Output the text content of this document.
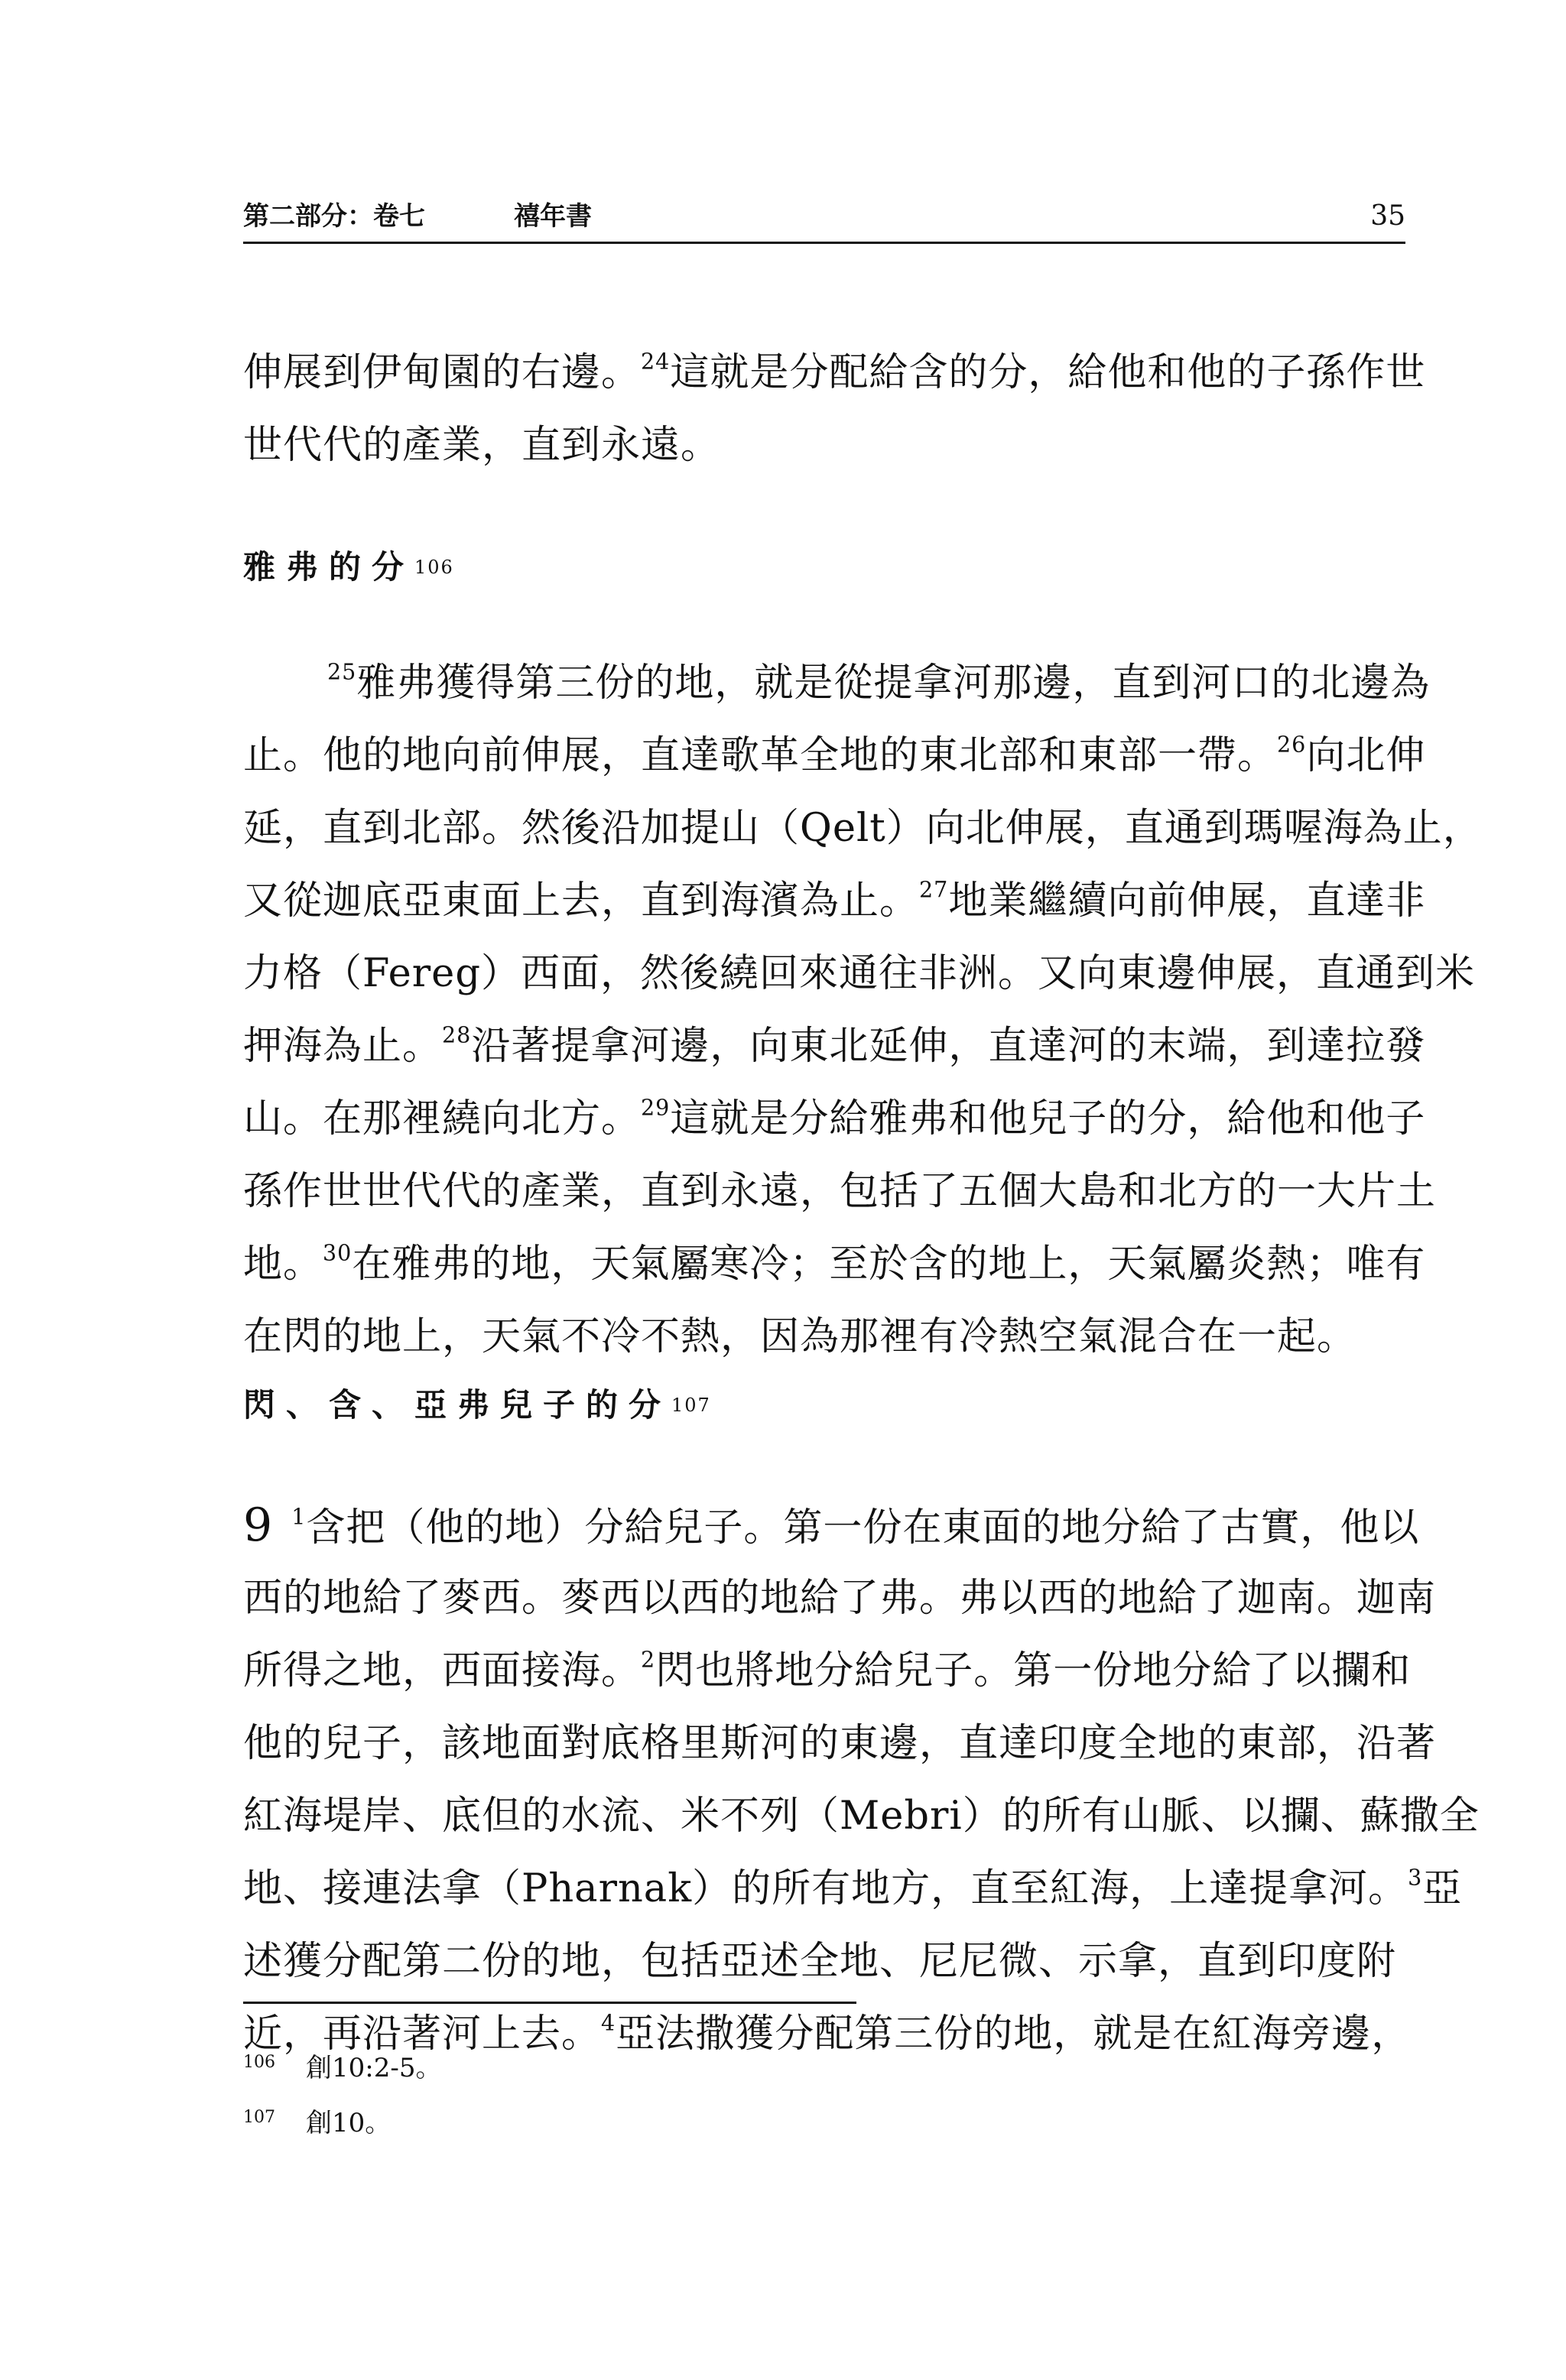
第二部分：卷七	禧年書	35
伸展到伊甸園的右邊。$^{24}$這就是分配給含的分，給他和他的子孫作世
世代代的產業，直到永遠。
雅弗的分106
$^{25}$雅弗獲得第三份的地，就是從提拿河那邊，直到河口的北邊為
止。他的地向前伸展，直達歌革全地的東北部和東部一帶。$^{26}$向北伸
延，直到北部。然後沿加提山（Qelt）向北伸展，直通到瑪喔海為止，
又從迦底亞東面上去，直到海濱為止。$^{27}$地業繼續向前伸展，直達非
力格（Fereg）西面，然後繞回來通往非洲。又向東邊伸展，直通到米
押海為止。$^{28}$沿著提拿河邊，向東北延伸，直達河的末端，到達拉發
山。在那裡繞向北方。$^{29}$這就是分給雅弗和他兒子的分，給他和他子
孫作世世代代的產業，直到永遠，包括了五個大島和北方的一大片土
地。$^{30}$在雅弗的地，天氣屬寒冷；至於含的地上，天氣屬炎熱；唯有
在閃的地上，天氣不冷不熱，因為那裡有冷熱空氣混合在一起。
閃、含、亞弗兒子的分107
9 $^1$含把（他的地）分給兒子。第一份在東面的地分給了古實，他以
西的地給了麥西。麥西以西的地給了弗。弗以西的地給了迦南。迦南
所得之地，西面接海。$^2$閃也將地分給兒子。第一份地分給了以攔和
他的兒子，該地面對底格里斯河的東邊，直達印度全地的東部，沿著
紅海堤岸、底但的水流、米不列（Mebri）的所有山脈、以攔、蘇撒全
地、接連法拿（Pharnak）的所有地方，直至紅海，上達提拿河。$^3$亞
述獲分配第二份的地，包括亞述全地、尼尼微、示拿，直到印度附
近，再沿著河上去。$^4$亞法撒獲分配第三份的地，就是在紅海旁邊，
106 創10:2-5。
107 創10。
